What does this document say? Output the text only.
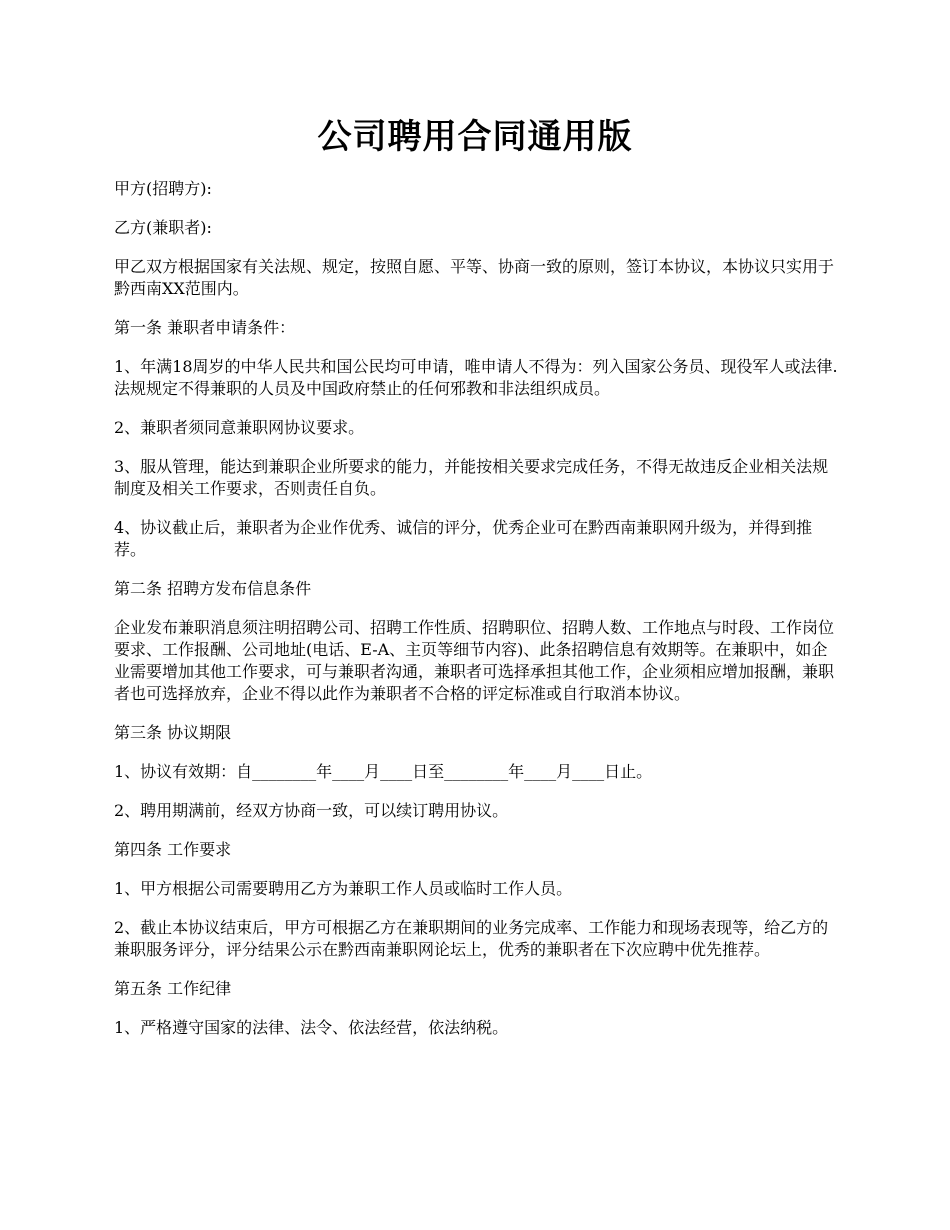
公司聘用合同通用版

甲方(招聘方):

乙方(兼职者):

甲乙双方根据国家有关法规、规定，按照自愿、平等、协商一致的原则，签订本协议，本协议只实用于黔西南XX范围内。

第一条 兼职者申请条件：

1、年满18周岁的中华人民共和国公民均可申请，唯申请人不得为：列入国家公务员、现役军人或法律.法规规定不得兼职的人员及中国政府禁止的任何邪教和非法组织成员。

2、兼职者须同意兼职网协议要求。

3、服从管理，能达到兼职企业所要求的能力，并能按相关要求完成任务，不得无故违反企业相关法规制度及相关工作要求，否则责任自负。

4、协议截止后，兼职者为企业作优秀、诚信的评分，优秀企业可在黔西南兼职网升级为，并得到推荐。

第二条 招聘方发布信息条件

企业发布兼职消息须注明招聘公司、招聘工作性质、招聘职位、招聘人数、工作地点与时段、工作岗位要求、工作报酬、公司地址(电话、E-A、主页等细节内容)、此条招聘信息有效期等。在兼职中，如企业需要增加其他工作要求，可与兼职者沟通，兼职者可选择承担其他工作，企业须相应增加报酬，兼职者也可选择放弃，企业不得以此作为兼职者不合格的评定标准或自行取消本协议。

第三条 协议期限

1、协议有效期：自________年____月____日至________年____月____日止。

2、聘用期满前，经双方协商一致，可以续订聘用协议。

第四条 工作要求

1、甲方根据公司需要聘用乙方为兼职工作人员或临时工作人员。

2、截止本协议结束后，甲方可根据乙方在兼职期间的业务完成率、工作能力和现场表现等，给乙方的兼职服务评分，评分结果公示在黔西南兼职网论坛上，优秀的兼职者在下次应聘中优先推荐。

第五条 工作纪律

1、严格遵守国家的法律、法令、依法经营，依法纳税。
